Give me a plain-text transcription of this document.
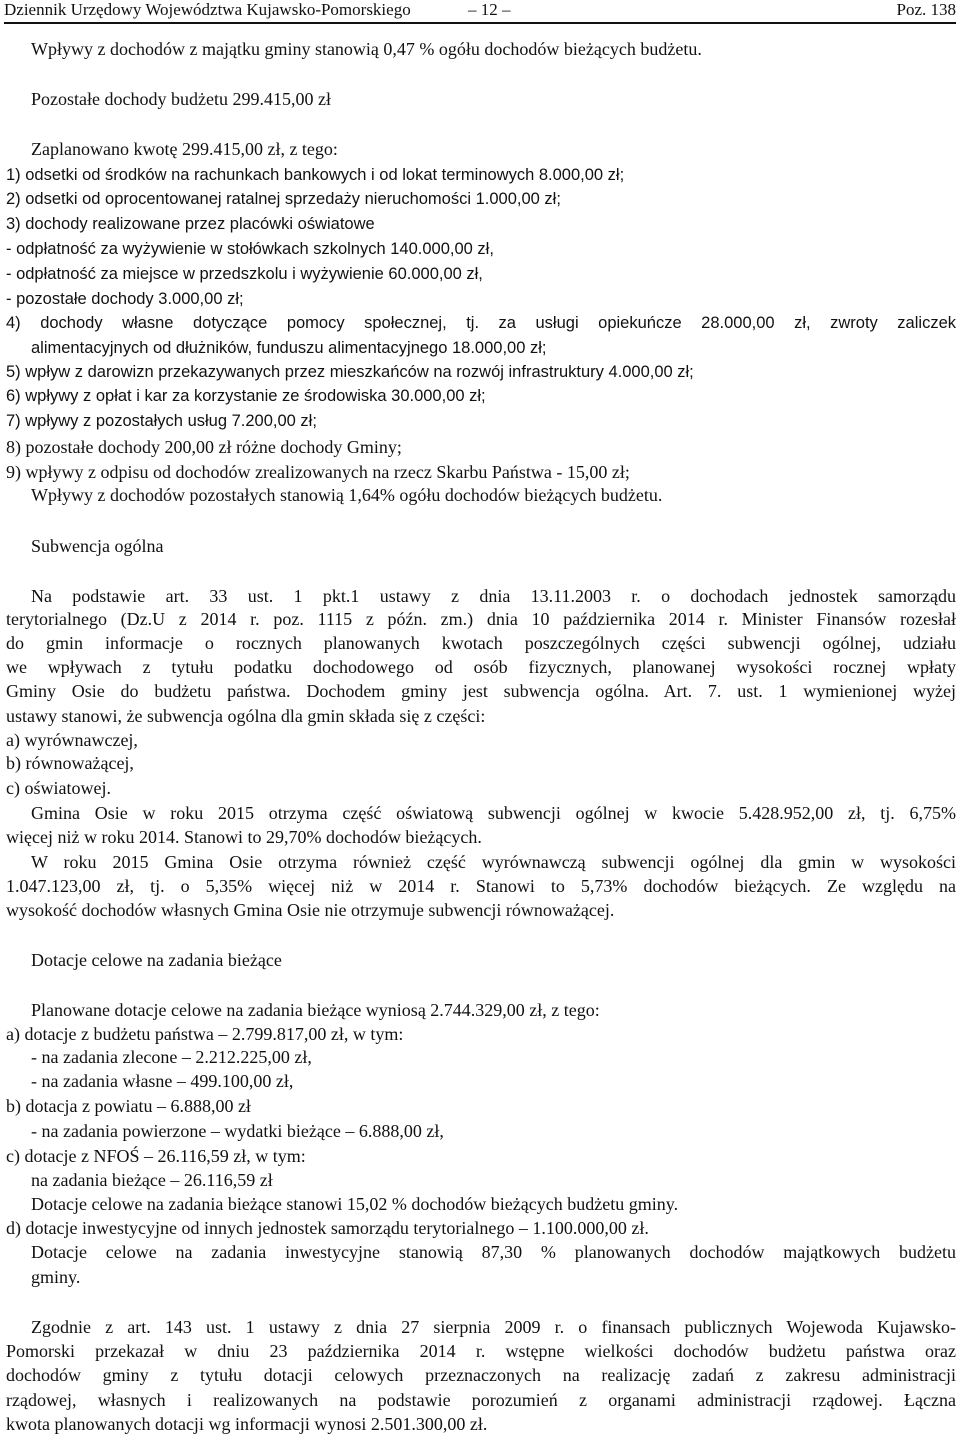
Dziennik Urzędowy Województwa Kujawsko-Pomorskiego	– 12 –	Poz. 138
Wpływy z dochodów z majątku gminy stanowią 0,47 % ogółu dochodów bieżących budżetu.
Pozostałe dochody budżetu 299.415,00 zł
Zaplanowano kwotę 299.415,00 zł, z tego:
1) odsetki od środków na rachunkach bankowych i od lokat terminowych 8.000,00 zł;
2) odsetki od oprocentowanej ratalnej sprzedaży nieruchomości 1.000,00 zł;
3) dochody realizowane przez placówki oświatowe
- odpłatność za wyżywienie w stołówkach szkolnych 140.000,00 zł,
- odpłatność za miejsce w przedszkolu i wyżywienie 60.000,00 zł,
- pozostałe dochody 3.000,00 zł;
4) dochody własne dotyczące pomocy społecznej, tj. za usługi opiekuńcze 28.000,00 zł, zwroty zaliczek
alimentacyjnych od dłużników, funduszu alimentacyjnego 18.000,00 zł;
5) wpływ z darowizn przekazywanych przez mieszkańców na rozwój infrastruktury 4.000,00 zł;
6) wpływy z opłat i kar za korzystanie ze środowiska 30.000,00 zł;
7) wpływy z pozostałych usług 7.200,00 zł;
8) pozostałe dochody 200,00 zł różne dochody Gminy;
9) wpływy z odpisu od dochodów zrealizowanych na rzecz Skarbu Państwa - 15,00 zł;
Wpływy z dochodów pozostałych stanowią 1,64% ogółu dochodów bieżących budżetu.
Subwencja ogólna
Na podstawie art. 33 ust. 1 pkt.1 ustawy z dnia 13.11.2003 r. o dochodach jednostek samorządu
terytorialnego (Dz.U z 2014 r. poz. 1115 z późn. zm.) dnia 10 października 2014 r. Minister Finansów rozesłał
do gmin informacje o rocznych planowanych kwotach poszczególnych części subwencji ogólnej, udziału
we wpływach z tytułu podatku dochodowego od osób fizycznych, planowanej wysokości rocznej wpłaty
Gminy Osie do budżetu państwa. Dochodem gminy jest subwencja ogólna. Art. 7. ust. 1 wymienionej wyżej
ustawy stanowi, że subwencja ogólna dla gmin składa się z części:
a) wyrównawczej,
b) równoważącej,
c) oświatowej.
Gmina Osie w roku 2015 otrzyma część oświatową subwencji ogólnej w kwocie 5.428.952,00 zł, tj. 6,75%
więcej niż w roku 2014. Stanowi to 29,70% dochodów bieżących.
W roku 2015 Gmina Osie otrzyma również część wyrównawczą subwencji ogólnej dla gmin w wysokości
1.047.123,00 zł, tj. o 5,35% więcej niż w 2014 r. Stanowi to 5,73% dochodów bieżących. Ze względu na
wysokość dochodów własnych Gmina Osie nie otrzymuje subwencji równoważącej.
Dotacje celowe na zadania bieżące
Planowane dotacje celowe na zadania bieżące wyniosą 2.744.329,00 zł, z tego:
a) dotacje z budżetu państwa – 2.799.817,00 zł, w tym:
- na zadania zlecone – 2.212.225,00 zł,
- na zadania własne – 499.100,00 zł,
b) dotacja z powiatu – 6.888,00 zł
- na zadania powierzone – wydatki bieżące – 6.888,00 zł,
c) dotacje z NFOŚ – 26.116,59 zł, w tym:
na zadania bieżące – 26.116,59 zł
Dotacje celowe na zadania bieżące stanowi 15,02 % dochodów bieżących budżetu gminy.
d) dotacje inwestycyjne od innych jednostek samorządu terytorialnego – 1.100.000,00 zł.
Dotacje celowe na zadania inwestycyjne stanowią 87,30 % planowanych dochodów majątkowych budżetu
gminy.
Zgodnie z art. 143 ust. 1 ustawy z dnia 27 sierpnia 2009 r. o finansach publicznych Wojewoda Kujawsko-
Pomorski przekazał w dniu 23 października 2014 r. wstępne wielkości dochodów budżetu państwa oraz
dochodów gminy z tytułu dotacji celowych przeznaczonych na realizację zadań z zakresu administracji
rządowej, własnych i realizowanych na podstawie porozumień z organami administracji rządowej. Łączna
kwota planowanych dotacji wg informacji wynosi 2.501.300,00 zł.
